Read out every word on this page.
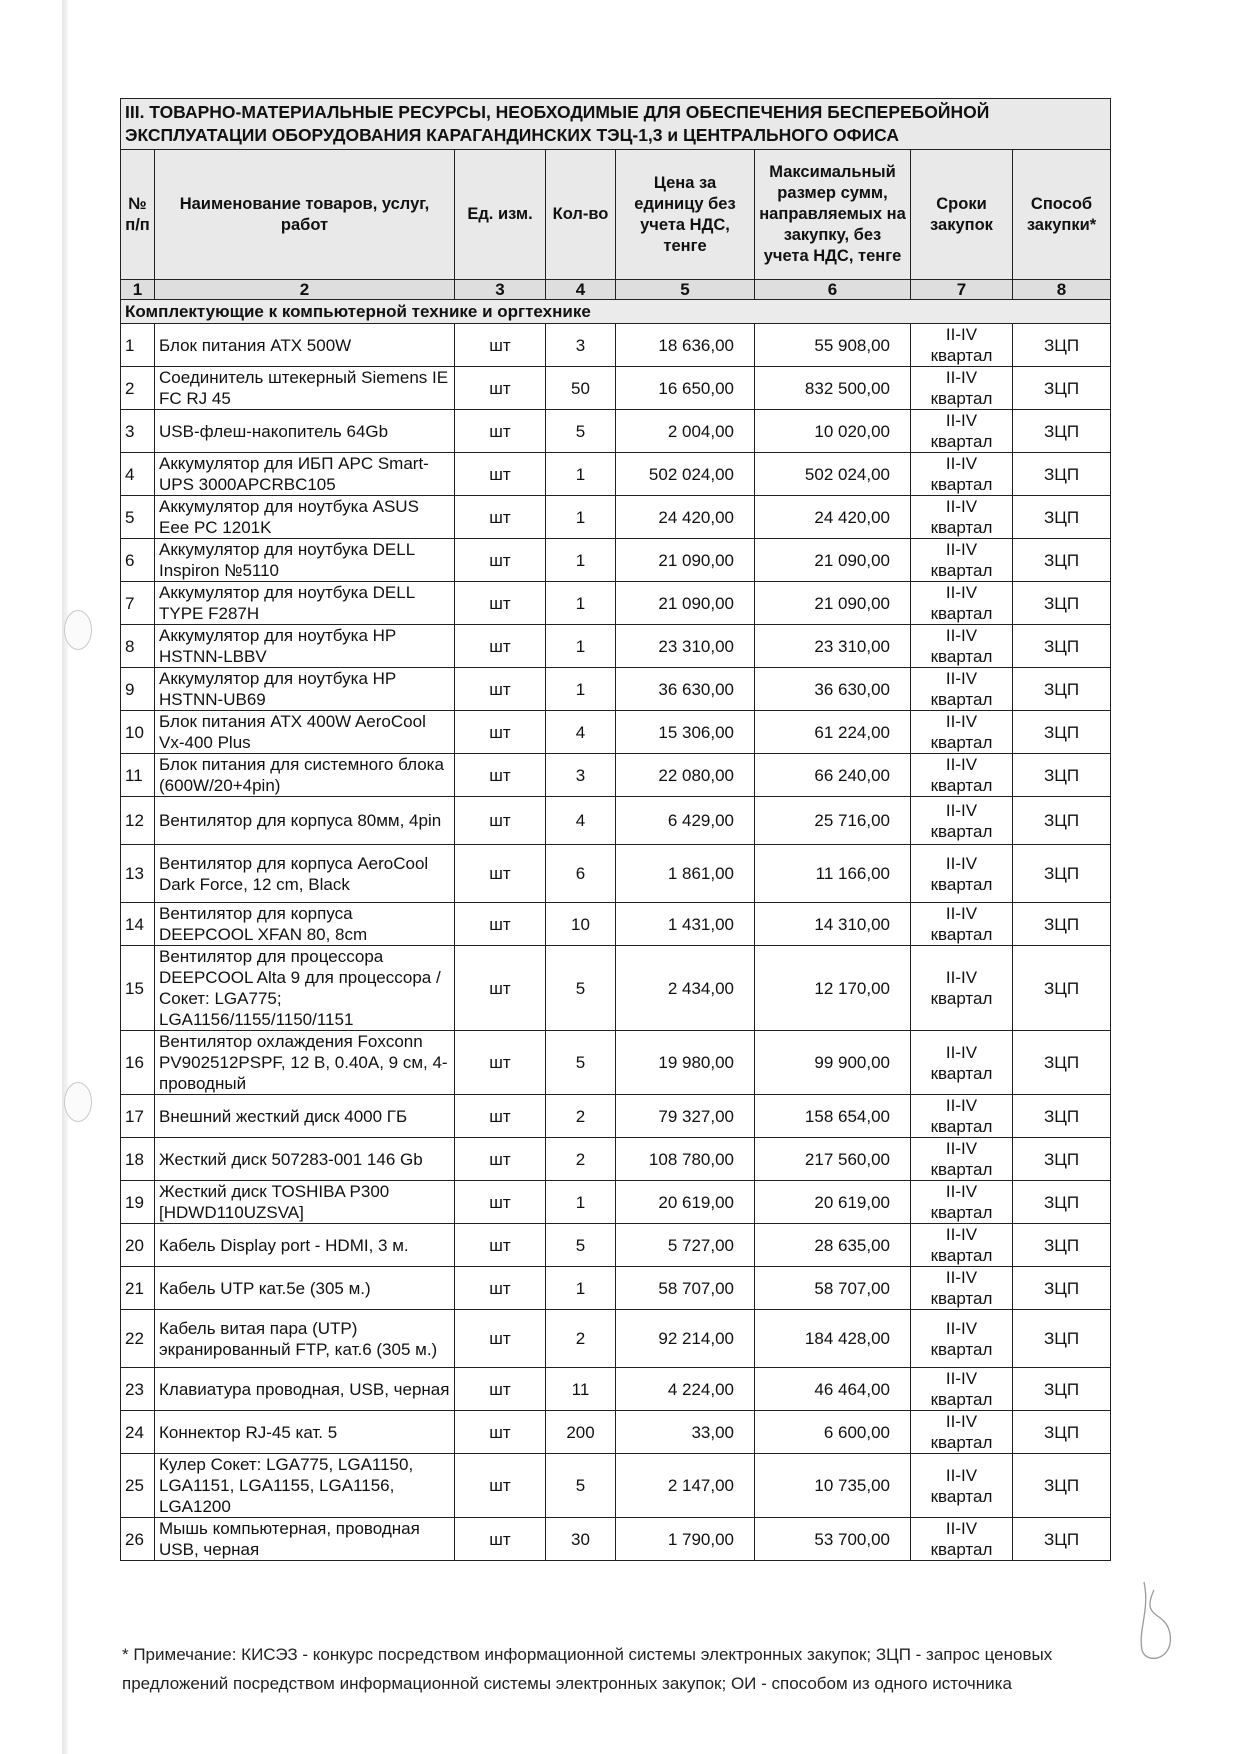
III. ТОВАРНО-МАТЕРИАЛЬНЫЕ РЕСУРСЫ, НЕОБХОДИМЫЕ ДЛЯ ОБЕСПЕЧЕНИЯ БЕСПЕРЕБОЙНОЙ ЭКСПЛУАТАЦИИ ОБОРУДОВАНИЯ КАРАГАНДИНСКИХ ТЭЦ-1,3 и ЦЕНТРАЛЬНОГО ОФИСА							
№ п/п	Наименование товаров, услуг, работ	Ед. изм.	Кол-во	Цена за единицу без учета НДС, тенге	Максимальный размер сумм, направляемых на закупку, без учета НДС, тенге	Сроки закупок	Способ закупки*
1	2	3	4	5	6	7	8
Комплектующие к компьютерной технике и оргтехнике							
1	Блок питания ATX 500W	шт	3	18 636,00	55 908,00	II-IV квартал	ЗЦП
2	Соединитель штекерный Siemens IE FC RJ 45	шт	50	16 650,00	832 500,00	II-IV квартал	ЗЦП
3	USB-флеш-накопитель 64Gb	шт	5	2 004,00	10 020,00	II-IV квартал	ЗЦП
4	Аккумулятор для ИБП APC Smart-UPS 3000APCRBC105	шт	1	502 024,00	502 024,00	II-IV квартал	ЗЦП
5	Аккумулятор для ноутбука ASUS Eee PC 1201K	шт	1	24 420,00	24 420,00	II-IV квартал	ЗЦП
6	Аккумулятор для ноутбука DELL Inspiron №5110	шт	1	21 090,00	21 090,00	II-IV квартал	ЗЦП
7	Аккумулятор для ноутбука DELL TYPE F287H	шт	1	21 090,00	21 090,00	II-IV квартал	ЗЦП
8	Аккумулятор для ноутбука HP HSTNN-LBBV	шт	1	23 310,00	23 310,00	II-IV квартал	ЗЦП
9	Аккумулятор для ноутбука HP HSTNN-UB69	шт	1	36 630,00	36 630,00	II-IV квартал	ЗЦП
10	Блок питания ATX 400W AeroCool Vx-400 Plus	шт	4	15 306,00	61 224,00	II-IV квартал	ЗЦП
11	Блок питания для системного блока (600W/20+4pin)	шт	3	22 080,00	66 240,00	II-IV квартал	ЗЦП
12	Вентилятор для корпуса 80мм, 4pin	шт	4	6 429,00	25 716,00	II-IV квартал	ЗЦП
13	Вентилятор для корпуса AeroCool Dark Force, 12 cm, Black	шт	6	1 861,00	11 166,00	II-IV квартал	ЗЦП
14	Вентилятор для корпуса DEEPCOOL XFAN 80, 8cm	шт	10	1 431,00	14 310,00	II-IV квартал	ЗЦП
15	Вентилятор для процессора DEEPCOOL Alta 9 для процессора / Сокет: LGA775; LGA1156/1155/1150/1151	шт	5	2 434,00	12 170,00	II-IV квартал	ЗЦП
16	Вентилятор охлаждения Foxconn PV902512PSPF, 12 В, 0.40А, 9 см, 4-проводный	шт	5	19 980,00	99 900,00	II-IV квартал	ЗЦП
17	Внешний жесткий диск 4000 ГБ	шт	2	79 327,00	158 654,00	II-IV квартал	ЗЦП
18	Жесткий диск 507283-001 146 Gb	шт	2	108 780,00	217 560,00	II-IV квартал	ЗЦП
19	Жесткий диск TOSHIBA P300 [HDWD110UZSVA]	шт	1	20 619,00	20 619,00	II-IV квартал	ЗЦП
20	Кабель Display port - HDMI, 3 м.	шт	5	5 727,00	28 635,00	II-IV квартал	ЗЦП
21	Кабель UTP кат.5е (305 м.)	шт	1	58 707,00	58 707,00	II-IV квартал	ЗЦП
22	Кабель витая пара (UTP) экранированный FTP, кат.6 (305 м.)	шт	2	92 214,00	184 428,00	II-IV квартал	ЗЦП
23	Клавиатура проводная, USB, черная	шт	11	4 224,00	46 464,00	II-IV квартал	ЗЦП
24	Коннектор RJ-45 кат. 5	шт	200	33,00	6 600,00	II-IV квартал	ЗЦП
25	Кулер Сокет: LGA775, LGA1150, LGA1151, LGA1155, LGA1156, LGA1200	шт	5	2 147,00	10 735,00	II-IV квартал	ЗЦП
26	Мышь компьютерная, проводная USB, черная	шт	30	1 790,00	53 700,00	II-IV квартал	ЗЦП
* Примечание: КИСЭЗ - конкурс посредством информационной системы электронных закупок; ЗЦП - запрос ценовых предложений посредством информационной системы электронных закупок; ОИ - способом из одного источника
